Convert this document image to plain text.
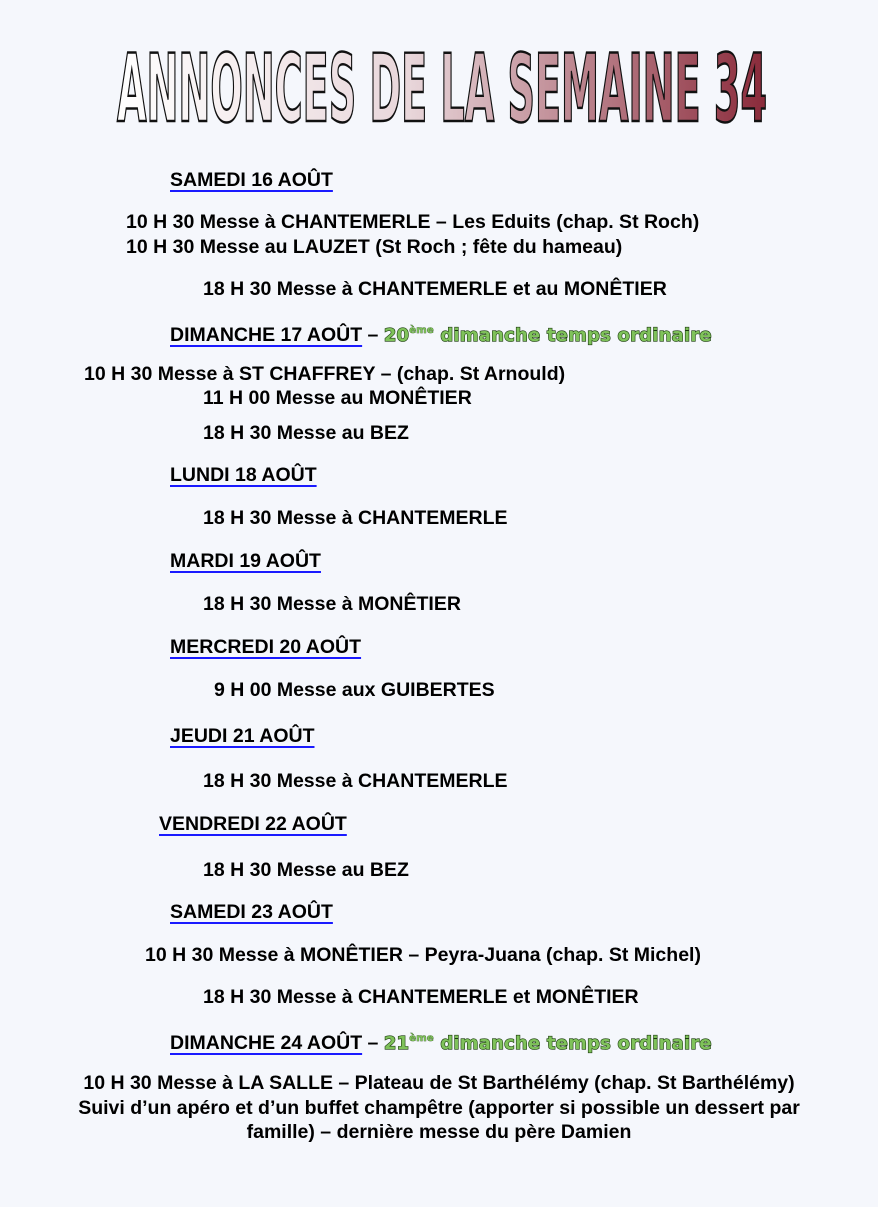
ANNONCES DE LA SEMAINE 34
SAMEDI 16 AOÛT
10 H 30 Messe à CHANTEMERLE – Les Eduits (chap. St Roch)
10 H 30 Messe au LAUZET (St Roch ; fête du hameau)
18 H 30 Messe à CHANTEMERLE et au MONÊTIER
DIMANCHE 17 AOÛT – 20ème dimanche temps ordinaire
10 H 30 Messe à ST CHAFFREY – (chap. St Arnould)
11 H 00 Messe au MONÊTIER
18 H 30 Messe au BEZ
LUNDI 18 AOÛT
18 H 30 Messe à CHANTEMERLE
MARDI 19 AOÛT
18 H 30 Messe à MONÊTIER
MERCREDI 20 AOÛT
9 H 00 Messe aux GUIBERTES
JEUDI 21 AOÛT
18 H 30 Messe à CHANTEMERLE
VENDREDI 22 AOÛT
18 H 30 Messe au BEZ
SAMEDI 23 AOÛT
10 H 30 Messe à MONÊTIER – Peyra-Juana (chap. St Michel)
18 H 30 Messe à CHANTEMERLE et MONÊTIER
DIMANCHE 24 AOÛT – 21ème dimanche temps ordinaire
10 H 30 Messe à LA SALLE – Plateau de St Barthélémy (chap. St Barthélémy)
Suivi d’un apéro et d’un buffet champêtre (apporter si possible un dessert par
famille) – dernière messe du père Damien
